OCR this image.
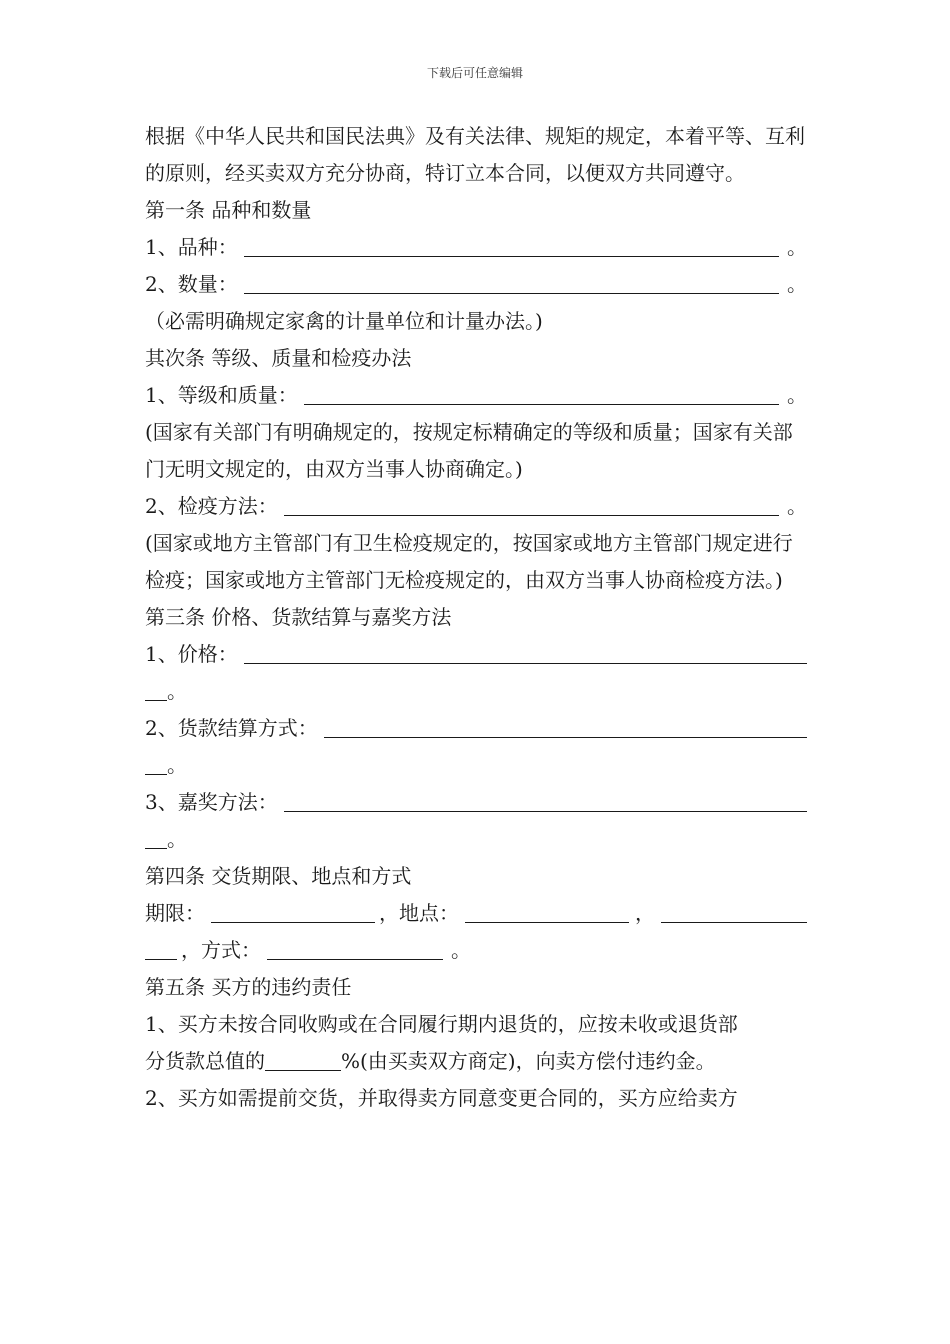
下载后可任意编辑
根据《中华人民共和国民法典》及有关法律、规矩的规定，本着平等、互利的原则，经买卖双方充分协商，特订立本合同，以便双方共同遵守。
第一条 品种和数量
1、品种：	。
2、数量：	。
（必需明确规定家禽的计量单位和计量办法。)
其次条 等级、质量和检疫办法
1、等级和质量：	。
(国家有关部门有明确规定的，按规定标精确定的等级和质量；国家有关部门无明文规定的，由双方当事人协商确定。)
2、检疫方法：	。
(国家或地方主管部门有卫生检疫规定的，按国家或地方主管部门规定进行检疫；国家或地方主管部门无检疫规定的，由双方当事人协商检疫方法。)
第三条 价格、货款结算与嘉奖方法
1、价格：
。
2、货款结算方式：
。
3、嘉奖方法：
。
第四条 交货期限、地点和方式
期限：	，地点：	，
，方式：	。
第五条 买方的违约责任
1、买方未按合同收购或在合同履行期内退货的，应按未收或退货部
分货款总值的	%(由买卖双方商定)，向卖方偿付违约金。
2、买方如需提前交货，并取得卖方同意变更合同的，买方应给卖方
